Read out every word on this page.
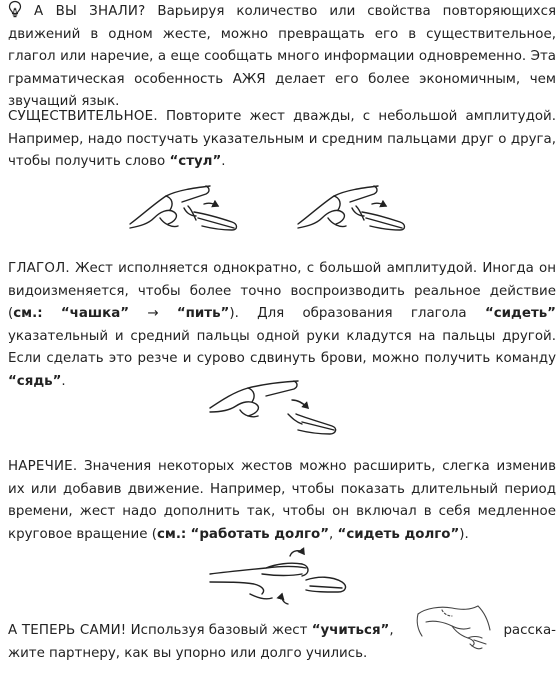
А ВЫ ЗНАЛИ? Варьируя количество или свойства повторяющихся движений в одном жесте, можно превращать его в существительное, глагол или наречие, а еще сообщать много информации одновременно. Эта грамматическая особенность АЖЯ делает его более экономичным, чем звучащий язык.

СУЩЕСТВИТЕЛЬНОЕ. Повторите жест дважды, с небольшой амплитудой. Например, надо постучать указательным и средним пальцами друг о друга, чтобы получить слово “стул”.

ГЛАГОЛ. Жест исполняется однократно, с большой амплитудой. Иногда он видоизменяется, чтобы более точно воспроизводить реальное действие (см.: “чашка” → “пить”). Для образования глагола “сидеть” указательный и средний пальцы одной руки кладутся на пальцы другой. Если сделать это резче и сурово сдвинуть брови, можно получить команду “сядь”.

НАРЕЧИЕ. Значения некоторых жестов можно расширить, слегка изменив их или добавив движение. Например, чтобы показать длительный период времени, жест надо дополнить так, чтобы он включал в себя медленное круговое вращение (см.: “работать долго”, “сидеть долго”).

А ТЕПЕРЬ САМИ! Используя базовый жест “учиться”,	расска-

жите партнеру, как вы упорно или долго учились.
